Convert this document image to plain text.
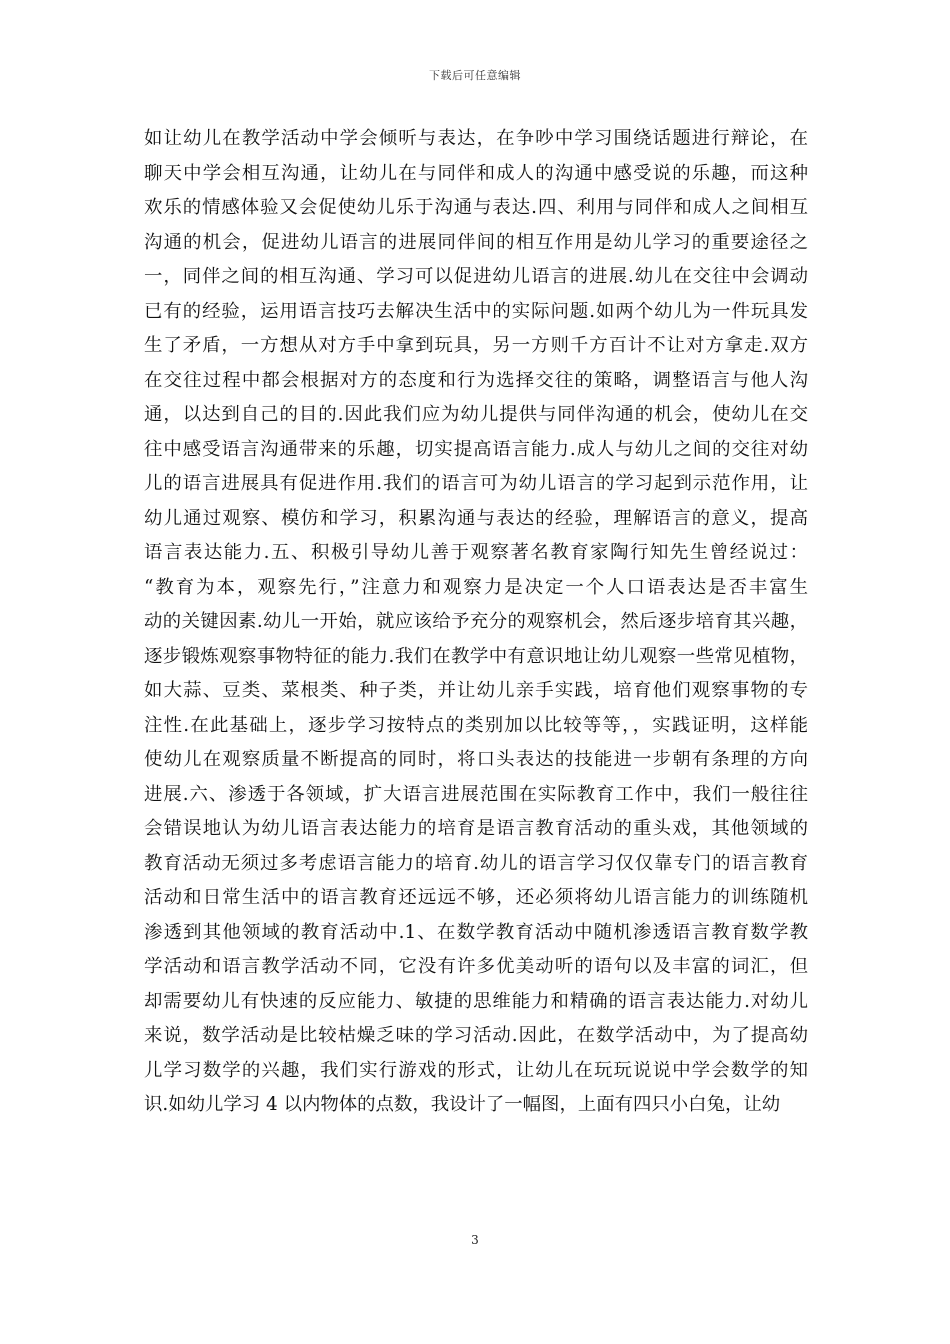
下载后可任意编辑
如让幼儿在教学活动中学会倾听与表达，在争吵中学习围绕话题进行辩论，在
聊天中学会相互沟通，让幼儿在与同伴和成人的沟通中感受说的乐趣，而这种
欢乐的情感体验又会促使幼儿乐于沟通与表达.四、利用与同伴和成人之间相互
沟通的机会，促进幼儿语言的进展同伴间的相互作用是幼儿学习的重要途径之
一，同伴之间的相互沟通、学习可以促进幼儿语言的进展.幼儿在交往中会调动
已有的经验，运用语言技巧去解决生活中的实际问题.如两个幼儿为一件玩具发
生了矛盾，一方想从对方手中拿到玩具，另一方则千方百计不让对方拿走.双方
在交往过程中都会根据对方的态度和行为选择交往的策略，调整语言与他人沟
通，以达到自己的目的.因此我们应为幼儿提供与同伴沟通的机会，使幼儿在交
往中感受语言沟通带来的乐趣，切实提高语言能力.成人与幼儿之间的交往对幼
儿的语言进展具有促进作用.我们的语言可为幼儿语言的学习起到示范作用，让
幼儿通过观察、模仿和学习，积累沟通与表达的经验，理解语言的意义，提高
语言表达能力.五、积极引导幼儿善于观察著名教育家陶行知先生曾经说过：
“教育为本，观察先行，”注意力和观察力是决定一个人口语表达是否丰富生
动的关键因素.幼儿一开始，就应该给予充分的观察机会，然后逐步培育其兴趣，
逐步锻炼观察事物特征的能力.我们在教学中有意识地让幼儿观察一些常见植物，
如大蒜、豆类、菜根类、种子类，并让幼儿亲手实践，培育他们观察事物的专
注性.在此基础上，逐步学习按特点的类别加以比较等等，，实践证明，这样能
使幼儿在观察质量不断提高的同时，将口头表达的技能进一步朝有条理的方向
进展.六、渗透于各领域，扩大语言进展范围在实际教育工作中，我们一般往往
会错误地认为幼儿语言表达能力的培育是语言教育活动的重头戏，其他领域的
教育活动无须过多考虑语言能力的培育.幼儿的语言学习仅仅靠专门的语言教育
活动和日常生活中的语言教育还远远不够，还必须将幼儿语言能力的训练随机
渗透到其他领域的教育活动中.1、在数学教育活动中随机渗透语言教育数学教
学活动和语言教学活动不同，它没有许多优美动听的语句以及丰富的词汇，但
却需要幼儿有快速的反应能力、敏捷的思维能力和精确的语言表达能力.对幼儿
来说，数学活动是比较枯燥乏味的学习活动.因此，在数学活动中，为了提高幼
儿学习数学的兴趣，我们实行游戏的形式，让幼儿在玩玩说说中学会数学的知
识.如幼儿学习 4 以内物体的点数，我设计了一幅图，上面有四只小白兔，让幼
3
